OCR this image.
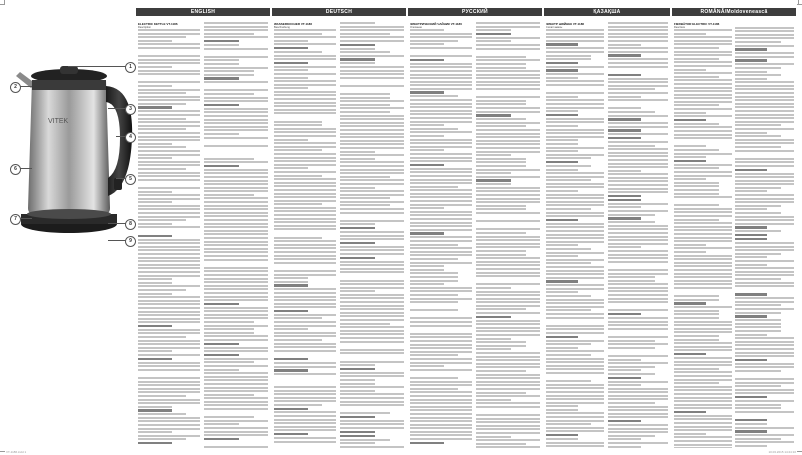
VITEK
1
2
3
4
5
6
7
8
9
ENGLISH
ELECTRIC KETTLE VT-1186
Description
DEUTSCH
WASSERKOCHER VT-1186
Beschreibung
РУССКИЙ
ЭЛЕКТРИЧЕСКИЙ ЧАЙНИК VT-1186
Описание
ҚАЗАҚША
ЭЛЕКТР ШӘЙНЕК VT-1186
Сипаттамасы
ROMÂNĂ/Moldovenească
FIERBĂTOR ELECTRIC VT-1186
Descriere
VT-1186.indd 1	10.03.2015 14:24:10
